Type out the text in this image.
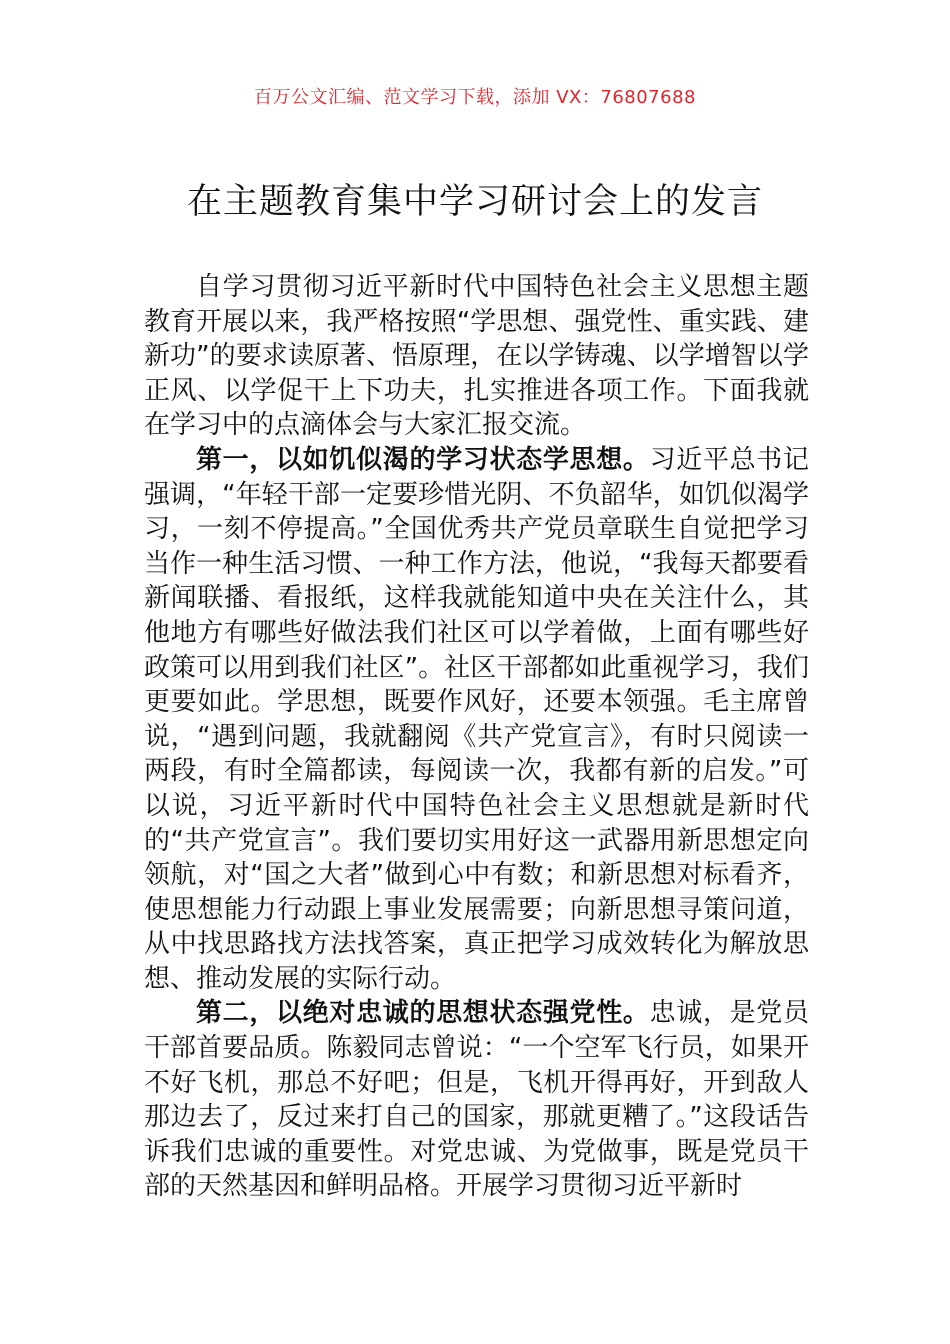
百万公文汇编、范文学习下载，添加 VX：76807688
在主题教育集中学习研讨会上的发言

自学习贯彻习近平新时代中国特色社会主义思想主题教育开展以来，我严格按照“学思想、强党性、重实践、建新功”的要求读原著、悟原理，在以学铸魂、以学增智以学正风、以学促干上下功夫，扎实推进各项工作。下面我就在学习中的点滴体会与大家汇报交流。

第一，以如饥似渴的学习状态学思想。习近平总书记强调，“年轻干部一定要珍惜光阴、不负韶华，如饥似渴学习，一刻不停提高。”全国优秀共产党员章联生自觉把学习当作一种生活习惯、一种工作方法，他说，“我每天都要看新闻联播、看报纸，这样我就能知道中央在关注什么，其他地方有哪些好做法我们社区可以学着做，上面有哪些好政策可以用到我们社区”。社区干部都如此重视学习，我们更要如此。学思想，既要作风好，还要本领强。毛主席曾说，“遇到问题，我就翻阅《共产党宣言》，有时只阅读一两段，有时全篇都读，每阅读一次，我都有新的启发。”可以说，习近平新时代中国特色社会主义思想就是新时代的“共产党宣言”。我们要切实用好这一武器用新思想定向领航，对“国之大者”做到心中有数；和新思想对标看齐，使思想能力行动跟上事业发展需要；向新思想寻策问道，从中找思路找方法找答案，真正把学习成效转化为解放思想、推动发展的实际行动。

第二，以绝对忠诚的思想状态强党性。忠诚，是党员干部首要品质。陈毅同志曾说：“一个空军飞行员，如果开不好飞机，那总不好吧；但是，飞机开得再好，开到敌人那边去了，反过来打自己的国家，那就更糟了。”这段话告诉我们忠诚的重要性。对党忠诚、为党做事，既是党员干部的天然基因和鲜明品格。开展学习贯彻习近平新时
